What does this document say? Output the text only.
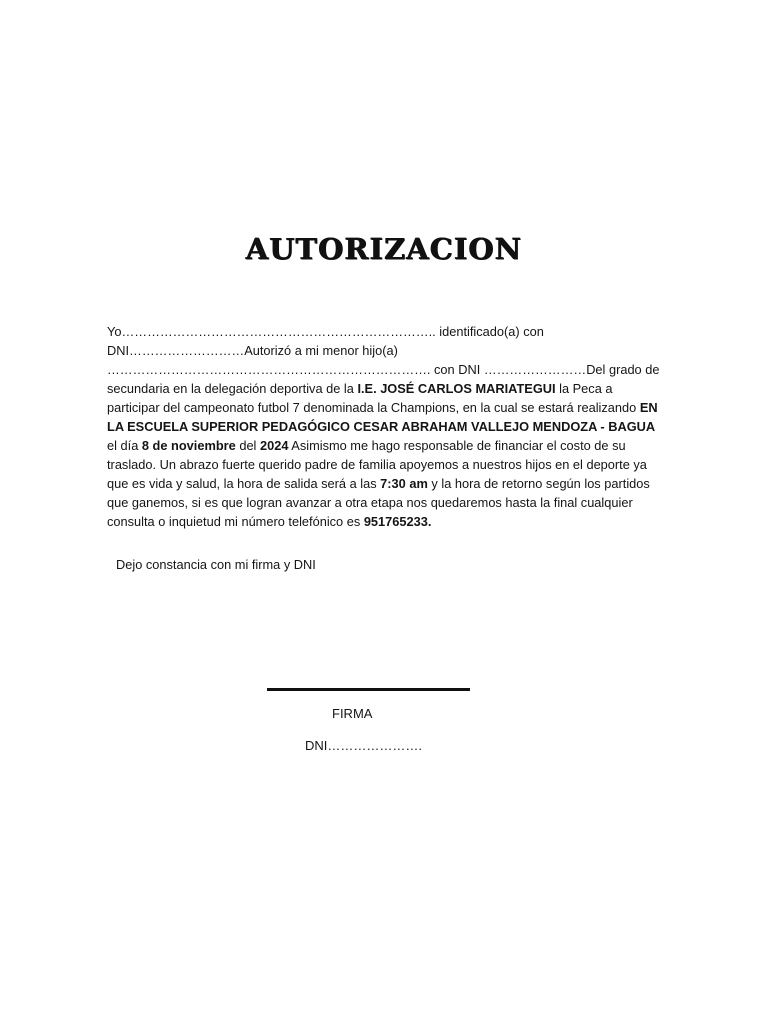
AUTORIZACION

Yo……………………………………………………………….. identificado(a) con DNI………………………Autorizó a mi menor hijo(a) …………………………………………………………………. con DNI ……………………Del grado de secundaria en la delegación deportiva de la I.E. JOSÉ CARLOS MARIATEGUI la Peca a participar del campeonato futbol 7 denominada la Champions, en la cual se estará realizando EN LA ESCUELA SUPERIOR PEDAGÓGICO CESAR ABRAHAM VALLEJO MENDOZA - BAGUA el día 8 de noviembre del 2024 Asimismo me hago responsable de financiar el costo de su traslado. Un abrazo fuerte querido padre de familia apoyemos a nuestros hijos en el deporte ya que es vida y salud, la hora de salida será a las 7:30 am y la hora de retorno según los partidos que ganemos, si es que logran avanzar a otra etapa nos quedaremos hasta la final cualquier consulta o inquietud mi número telefónico es 951765233.

Dejo constancia con mi firma y DNI
FIRMA
DNI………………….
